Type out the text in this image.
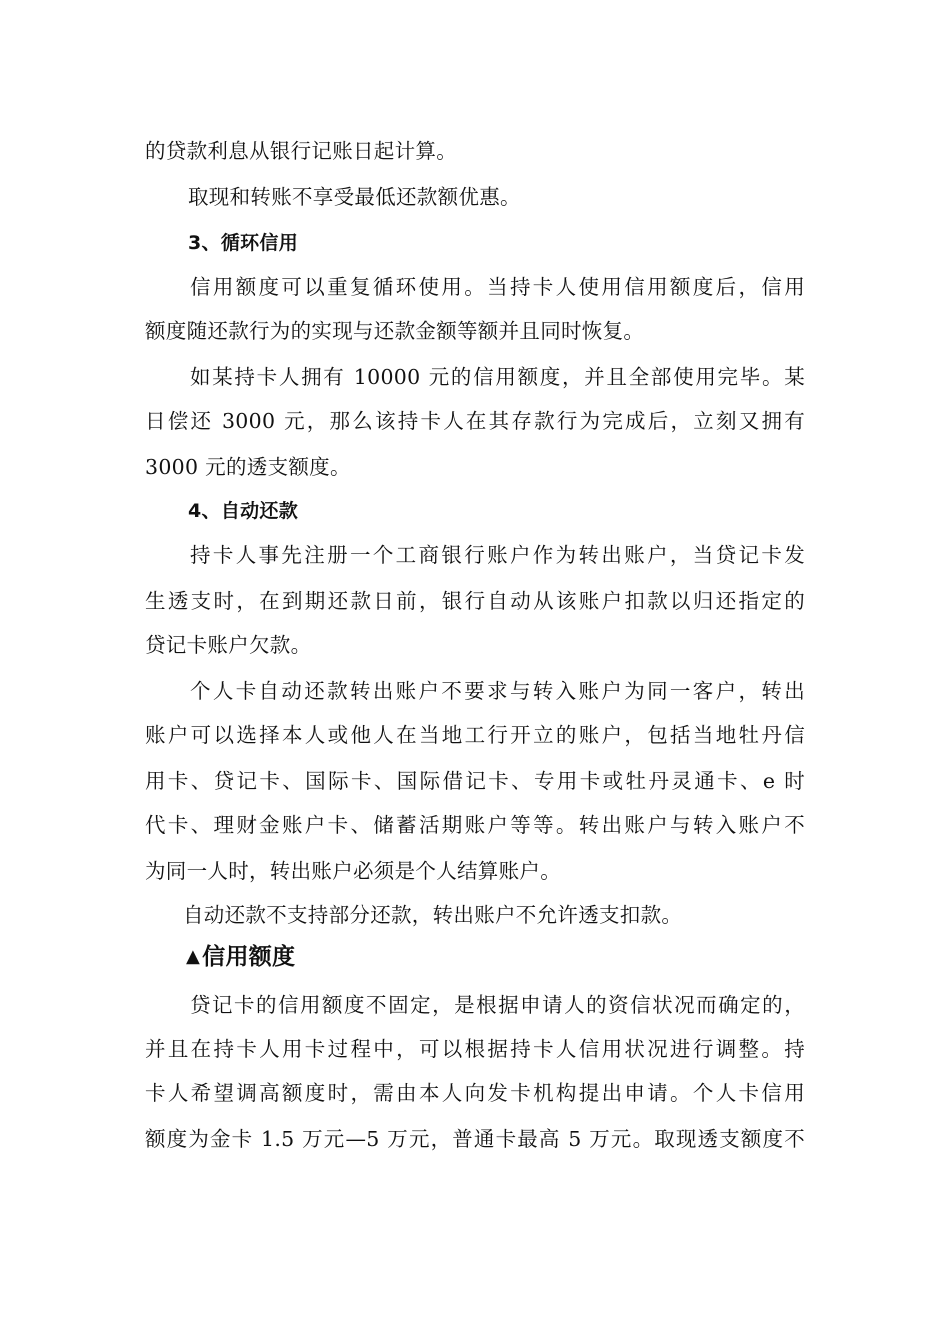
的贷款利息从银行记账日起计算。
取现和转账不享受最低还款额优惠。
3、循环信用
信用额度可以重复循环使用。当持卡人使用信用额度后，信用
额度随还款行为的实现与还款金额等额并且同时恢复。
如某持卡人拥有 10000 元的信用额度，并且全部使用完毕。某
日偿还 3000 元，那么该持卡人在其存款行为完成后，立刻又拥有
3000 元的透支额度。
4、自动还款
持卡人事先注册一个工商银行账户作为转出账户，当贷记卡发
生透支时，在到期还款日前，银行自动从该账户扣款以归还指定的
贷记卡账户欠款。
个人卡自动还款转出账户不要求与转入账户为同一客户，转出
账户可以选择本人或他人在当地工行开立的账户，包括当地牡丹信
用卡、贷记卡、国际卡、国际借记卡、专用卡或牡丹灵通卡、e 时
代卡、理财金账户卡、储蓄活期账户等等。转出账户与转入账户不
为同一人时，转出账户必须是个人结算账户。
自动还款不支持部分还款，转出账户不允许透支扣款。
▲信用额度
贷记卡的信用额度不固定，是根据申请人的资信状况而确定的，
并且在持卡人用卡过程中，可以根据持卡人信用状况进行调整。持
卡人希望调高额度时，需由本人向发卡机构提出申请。个人卡信用
额度为金卡 1.5 万元—5 万元，普通卡最高 5 万元。取现透支额度不
